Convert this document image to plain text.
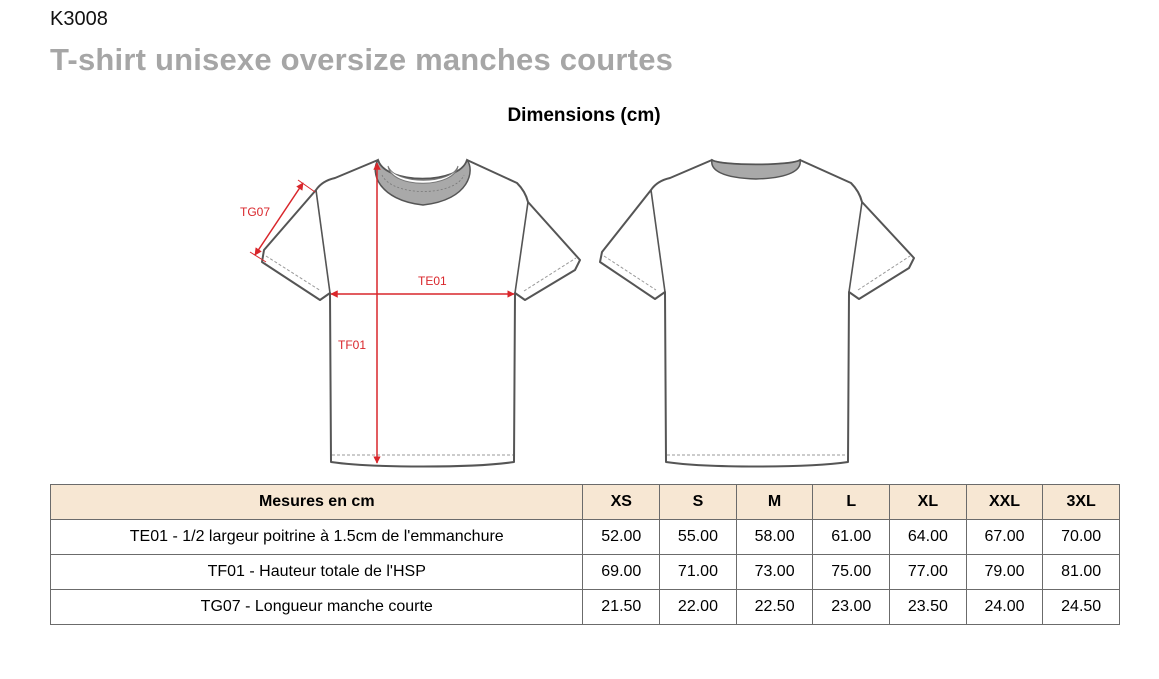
K3008
T-shirt unisexe oversize manches courtes
Dimensions (cm)
TG07
TE01
TF01
Mesures en cm	XS	S	M	L	XL	XXL	3XL
TE01 - 1/2 largeur poitrine à 1.5cm de l'emmanchure	52.00	55.00	58.00	61.00	64.00	67.00	70.00
TF01 - Hauteur totale de l'HSP	69.00	71.00	73.00	75.00	77.00	79.00	81.00
TG07 - Longueur manche courte	21.50	22.00	22.50	23.00	23.50	24.00	24.50
